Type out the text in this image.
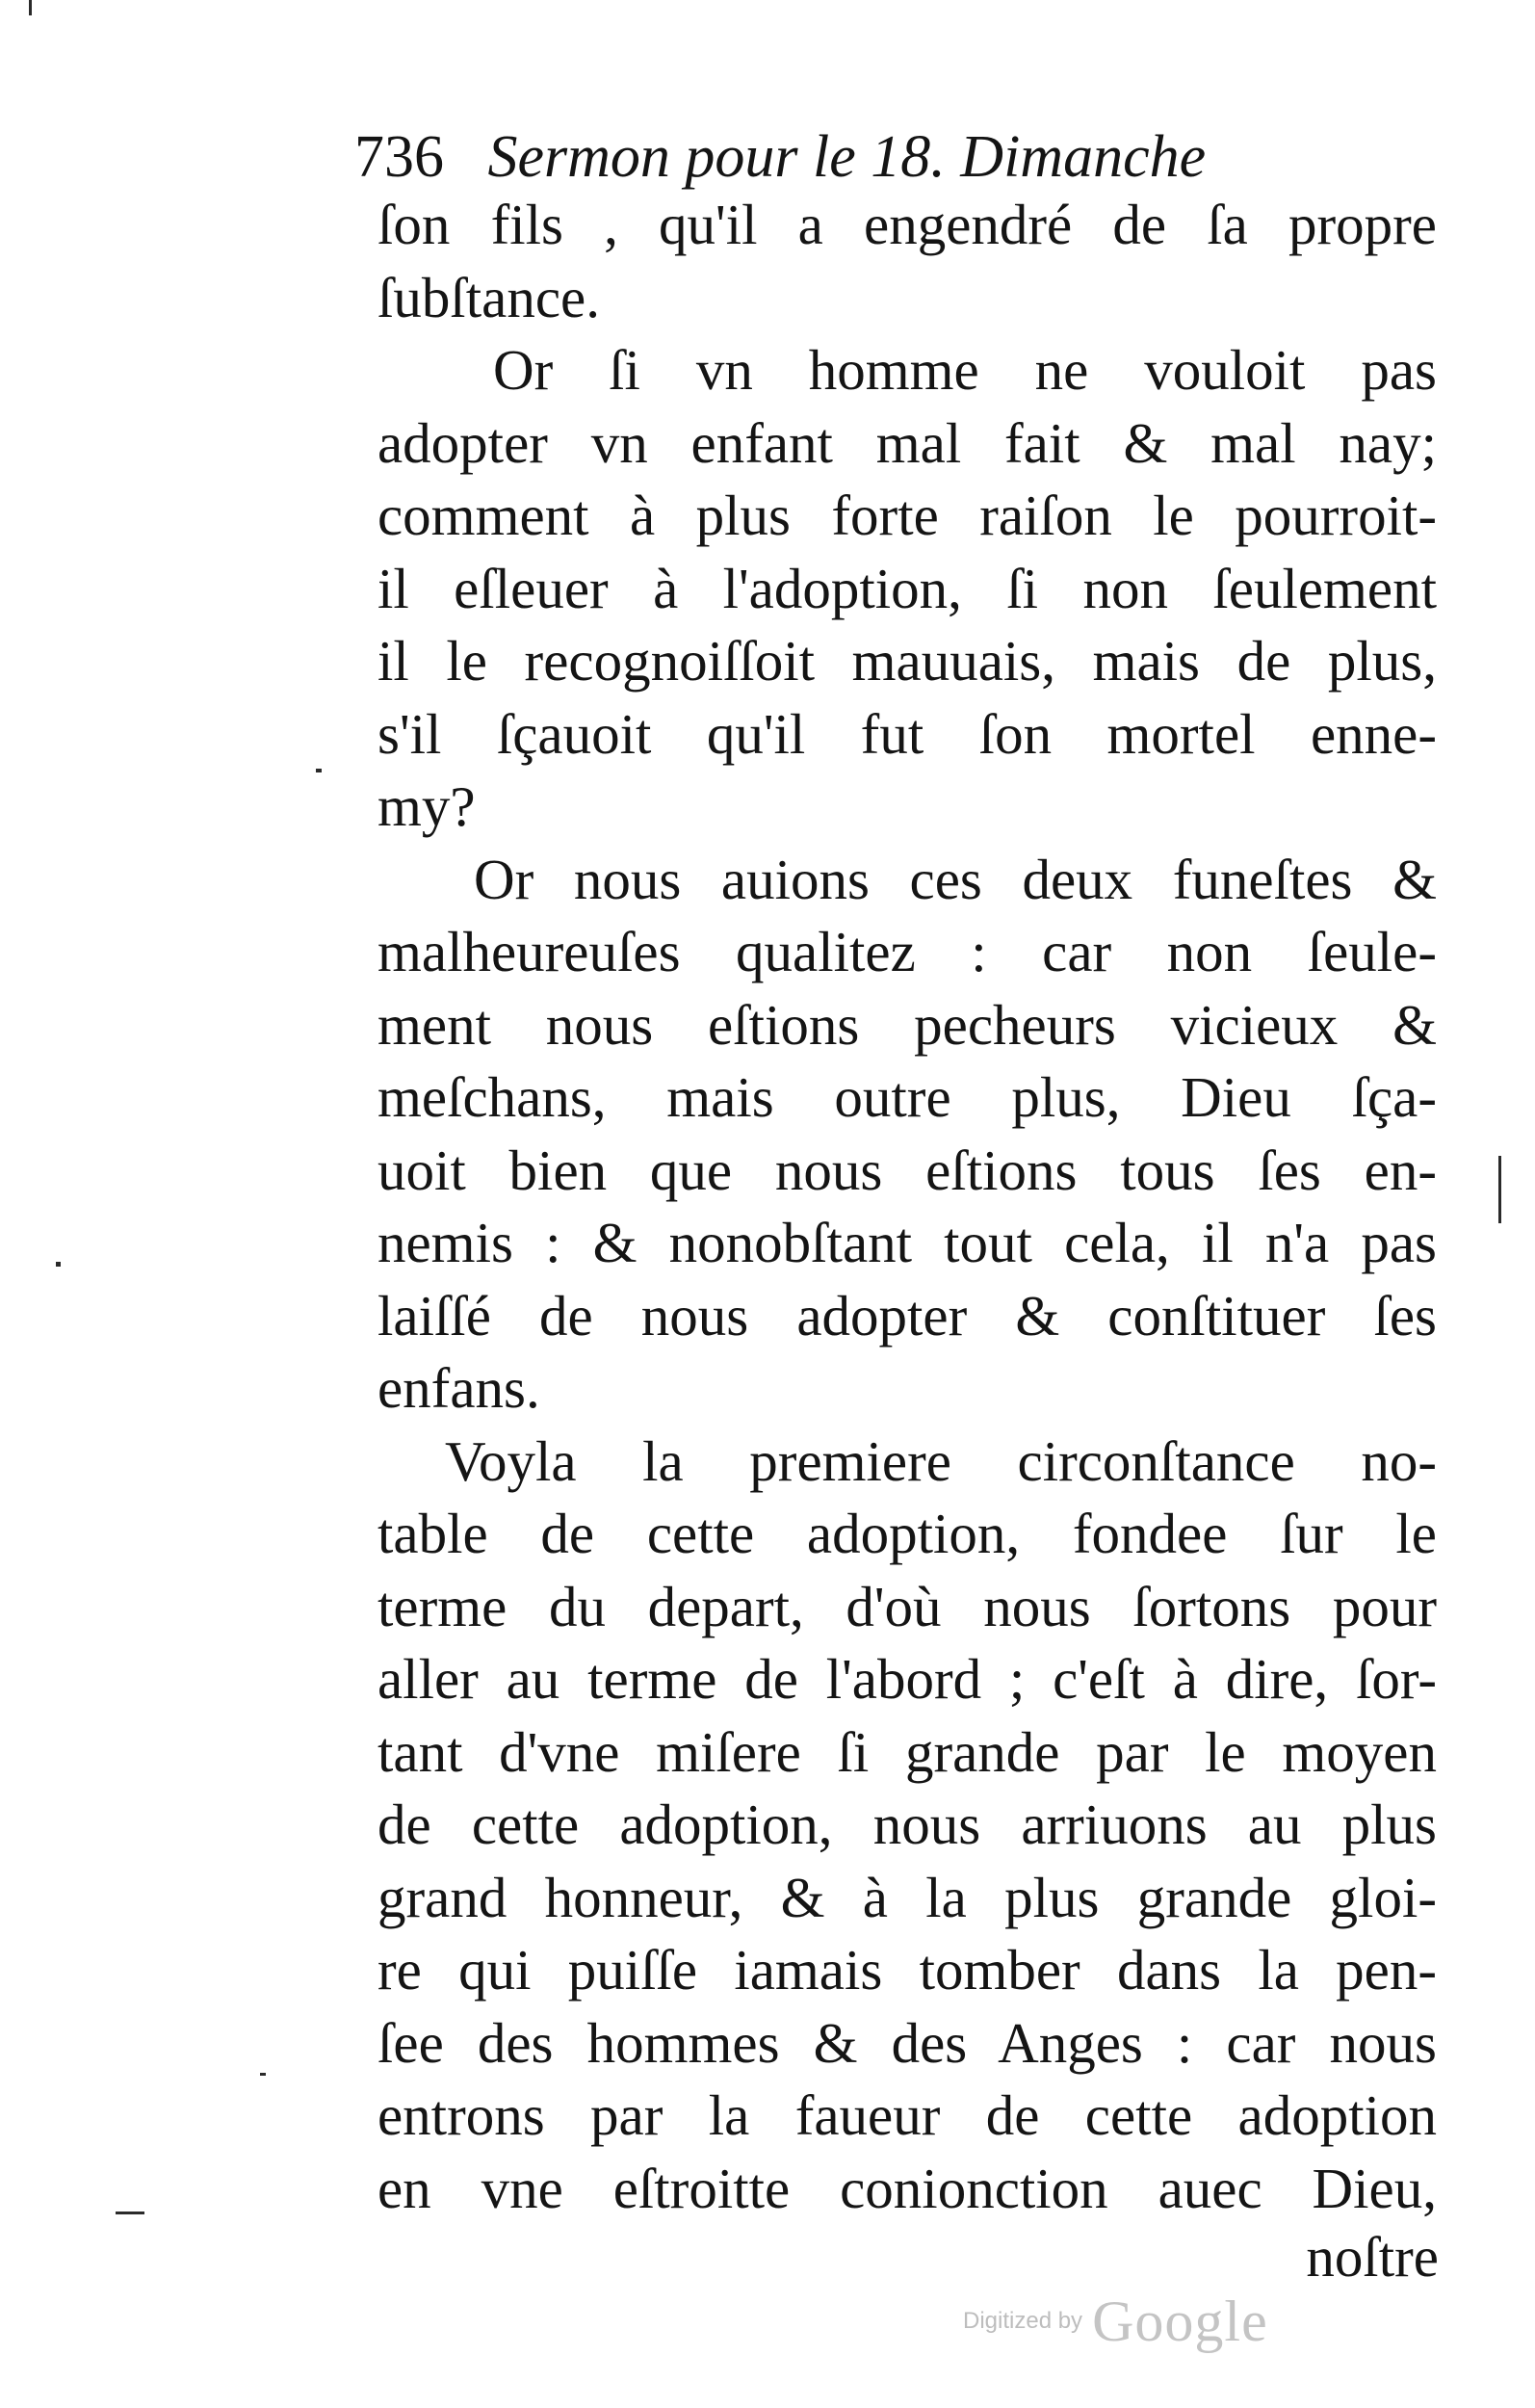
736 Sermon pour le 18. Dimanche
ſon fils , qu'il a engendré de ſa propre
ſubſtance.
Or ſi vn homme ne vouloit pas
adopter vn enfant mal fait & mal nay;
comment à plus forte raiſon le pourroit-
il eſleuer à l'adoption, ſi non ſeulement
il le recognoiſſoit mauuais, mais de plus,
s'il ſçauoit qu'il fut ſon mortel enne-
my?
Or nous auions ces deux funeſtes &
malheureuſes qualitez : car non ſeule-
ment nous eſtions pecheurs vicieux &
meſchans, mais outre plus, Dieu ſça-
uoit bien que nous eſtions tous ſes en-
nemis : & nonobſtant tout cela, il n'a pas
laiſſé de nous adopter & conſtituer ſes
enfans.
Voyla la premiere circonſtance no-
table de cette adoption, fondee ſur le
terme du depart, d'où nous ſortons pour
aller au terme de l'abord ; c'eſt à dire, ſor-
tant d'vne miſere ſi grande par le moyen
de cette adoption, nous arriuons au plus
grand honneur, & à la plus grande gloi-
re qui puiſſe iamais tomber dans la pen-
ſee des hommes & des Anges : car nous
entrons par la faueur de cette adoption
en vne eſtroitte conionction auec Dieu,
noſtre
Digitized by Google
